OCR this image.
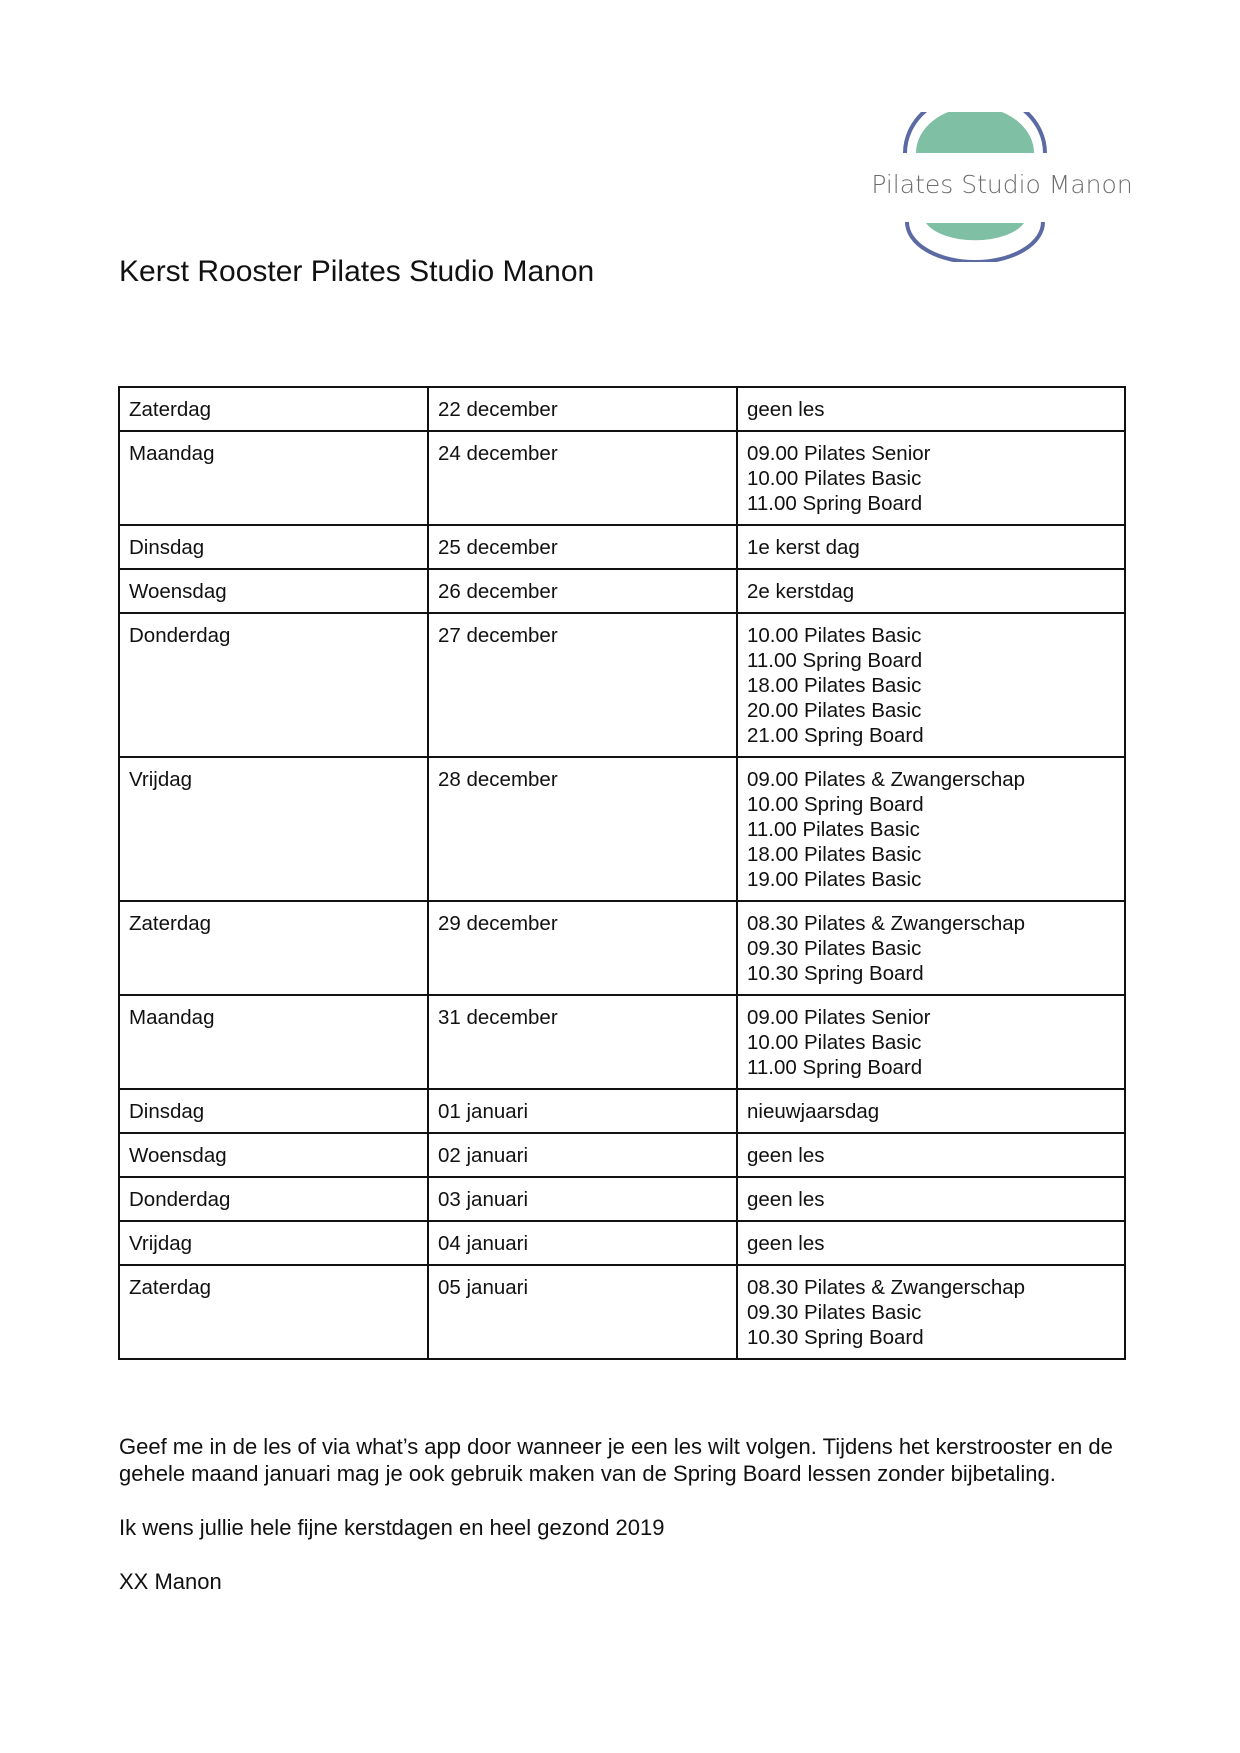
Pilates Studio Manon
Kerst Rooster Pilates Studio Manon
Zaterdag	22 december	geen les

Maandag	24 december	09.00 Pilates Senior
10.00 Pilates Basic
11.00 Spring Board

Dinsdag	25 december	1e kerst dag

Woensdag	26 december	2e kerstdag

Donderdag	27 december	10.00 Pilates Basic
11.00 Spring Board
18.00 Pilates Basic
20.00 Pilates Basic
21.00 Spring Board

Vrijdag	28 december	09.00 Pilates & Zwangerschap
10.00 Spring Board
11.00 Pilates Basic
18.00 Pilates Basic
19.00 Pilates Basic

Zaterdag	29 december	08.30 Pilates & Zwangerschap
09.30 Pilates Basic
10.30 Spring Board

Maandag	31 december	09.00 Pilates Senior
10.00 Pilates Basic
11.00 Spring Board

Dinsdag	01 januari	nieuwjaarsdag

Woensdag	02 januari	geen les

Donderdag	03 januari	geen les

Vrijdag	04 januari	geen les

Zaterdag	05 januari	08.30 Pilates & Zwangerschap
09.30 Pilates Basic
10.30 Spring Board

Geef me in de les of via what’s app door wanneer je een les wilt volgen. Tijdens het kerstrooster en de gehele maand januari mag je ook gebruik maken van de Spring Board lessen zonder bijbetaling.

Ik wens jullie hele fijne kerstdagen en heel gezond 2019

XX Manon
